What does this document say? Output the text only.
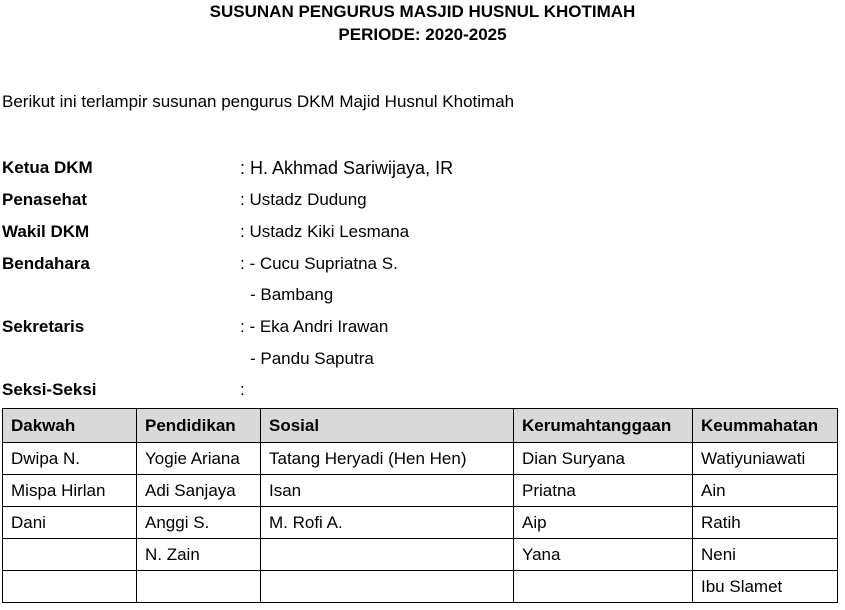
SUSUNAN PENGURUS MASJID HUSNUL KHOTIMAH
PERIODE: 2020-2025
Berikut ini terlampir susunan pengurus DKM Majid Husnul Khotimah
Ketua DKM	: H. Akhmad Sariwijaya, IR
Penasehat	: Ustadz Dudung
Wakil DKM	: Ustadz Kiki Lesmana
Bendahara	: - Cucu Supriatna S.
- Bambang
Sekretaris	: - Eka Andri Irawan
- Pandu Saputra
Seksi-Seksi	:
Dakwah	Pendidikan	Sosial	Kerumahtanggaan	Keummahatan
Dwipa N.	Yogie Ariana	Tatang Heryadi (Hen Hen)	Dian Suryana	Watiyuniawati
Mispa Hirlan	Adi Sanjaya	Isan	Priatna	Ain
Dani	Anggi S.	M. Rofi A.	Aip	Ratih
	N. Zain		Yana	Neni
				Ibu Slamet
